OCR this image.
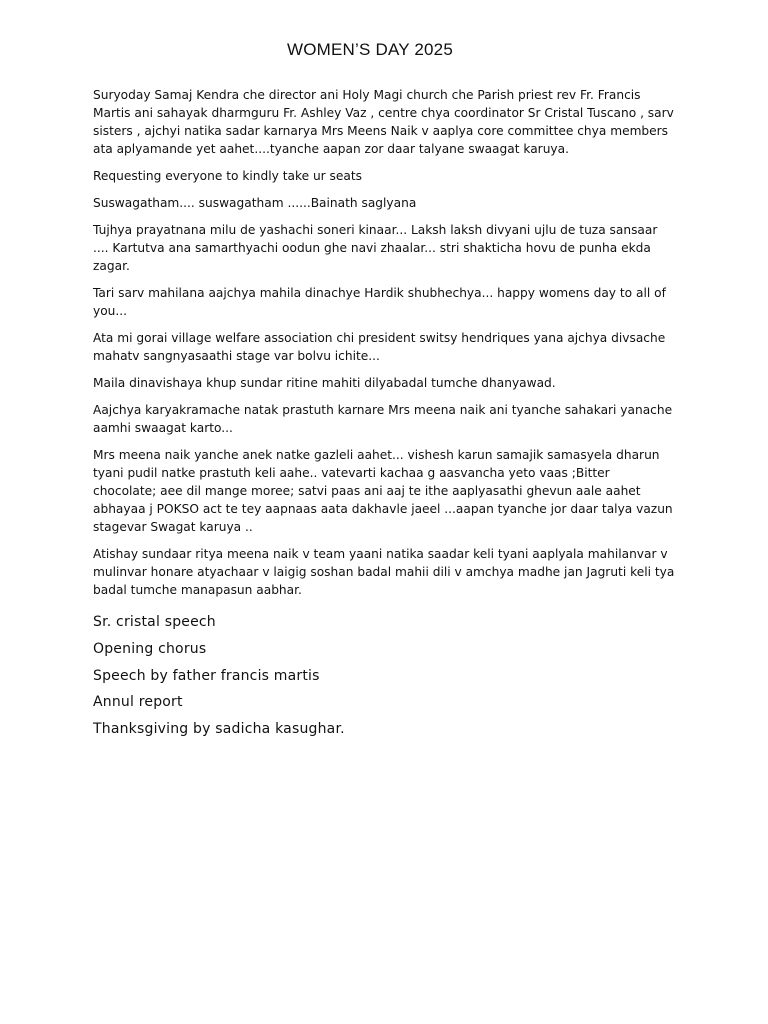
WOMEN’S DAY 2025

Suryoday Samaj Kendra che director ani Holy Magi church che Parish priest rev Fr. Francis Martis ani sahayak dharmguru Fr. Ashley Vaz , centre chya coordinator Sr Cristal Tuscano , sarv sisters , ajchyi natika sadar karnarya Mrs Meens Naik v aaplya core committee chya members ata aplyamande yet aahet....tyanche aapan zor daar talyane swaagat karuya.

Requesting everyone to kindly take ur seats

Suswagatham.... suswagatham ......Bainath saglyana

Tujhya prayatnana milu de yashachi soneri kinaar... Laksh laksh divyani ujlu de tuza sansaar .... Kartutva ana samarthyachi oodun ghe navi zhaalar... stri shakticha hovu de punha ekda zagar.

Tari sarv mahilana aajchya mahila dinachye Hardik shubhechya... happy womens day to all of you...

Ata mi gorai village welfare association chi president switsy hendriques yana ajchya divsache mahatv sangnyasaathi stage var bolvu ichite...

Maila dinavishaya khup sundar ritine mahiti dilyabadal tumche dhanyawad.

Aajchya karyakramache natak prastuth karnare Mrs meena naik ani tyanche sahakari yanache aamhi swaagat karto...

Mrs meena naik yanche anek natke gazleli aahet... vishesh karun samajik samasyela dharun tyani pudil natke prastuth keli aahe.. vatevarti kachaa g aasvancha yeto vaas ;Bitter chocolate; aee dil mange moree; satvi paas ani aaj te ithe aaplyasathi ghevun aale aahet abhayaa j POKSO act te tey aapnaas aata dakhavle jaeel ...aapan tyanche jor daar talya vazun stagevar Swagat karuya ..

Atishay sundaar ritya meena naik v team yaani natika saadar keli tyani aaplyala mahilanvar v mulinvar honare atyachaar v laigig soshan badal mahii dili v amchya madhe jan Jagruti keli tya badal tumche manapasun aabhar.

Sr. cristal speech
Opening chorus
Speech by father francis martis
Annul report
Thanksgiving by sadicha kasughar.
